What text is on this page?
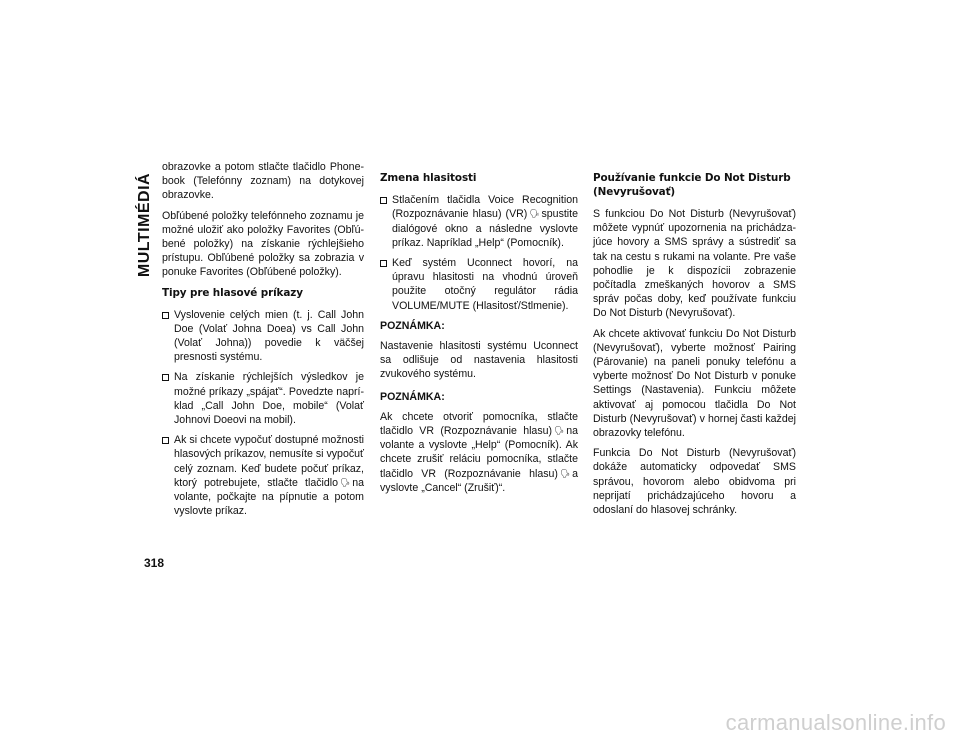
MULTIMÉDIÁ

obrazovke a potom stlačte tlačidlo Phonebook (Telefónny zoznam) na dotykovej obrazovke.

Obľúbené položky telefónneho zoznamu je možné uložiť ako položky Favorites (Obľúbené položky) na získanie rýchlejšieho prístupu. Obľúbené položky sa zobrazia v ponuke Favorites (Obľúbené položky).

Tipy pre hlasové príkazy
Vyslovenie celých mien (t. j. Call John Doe (Volať Johna Doea) vs Call John (Volať Johna)) povedie k väčšej presnosti systému.
Na získanie rýchlejších výsledkov je možné príkazy „spájať“. Povedzte napríklad „Call John Doe, mobile“ (Volať Johnovi Doeovi na mobil).
Ak si chcete vypočuť dostupné možnosti hlasových príkazov, nemusíte si vypočuť celý zoznam. Keď budete počuť príkaz, ktorý potrebujete, stlačte tlačidlo 🗣 na volante, počkajte na pípnutie a potom vyslovte príkaz.
Zmena hlasitosti
Stlačením tlačidla Voice Recognition (Rozpoznávanie hlasu) (VR) 🗣 spustite dialógové okno a následne vyslovte príkaz. Napríklad „Help“ (Pomocník).
Keď systém Uconnect hovorí, na úpravu hlasitosti na vhodnú úroveň použite otočný regulátor rádia VOLUME/MUTE (Hlasitosť/Stlmenie).

POZNÁMKA:

Nastavenie hlasitosti systému Uconnect sa odlišuje od nastavenia hlasitosti zvukového systému.

POZNÁMKA:

Ak chcete otvoriť pomocníka, stlačte tlačidlo VR (Rozpoznávanie hlasu) 🗣 na volante a vyslovte „Help“ (Pomocník). Ak chcete zrušiť reláciu pomocníka, stlačte tlačidlo VR (Rozpoznávanie hlasu) 🗣 a vyslovte „Cancel“ (Zrušiť)“.

Používanie funkcie Do Not Disturb (Nevyrušovať)

S funkciou Do Not Disturb (Nevyrušovať) môžete vypnúť upozornenia na prichádzajúce hovory a SMS správy a sústrediť sa tak na cestu s rukami na volante. Pre vaše pohodlie je k dispozícii zobrazenie počítadla zmeškaných hovorov a SMS správ počas doby, keď používate funkciu Do Not Disturb (Nevyrušovať).

Ak chcete aktivovať funkciu Do Not Disturb (Nevyrušovať), vyberte možnosť Pairing (Párovanie) na paneli ponuky telefónu a vyberte možnosť Do Not Disturb v ponuke Settings (Nastavenia). Funkciu môžete aktivovať aj pomocou tlačidla Do Not Disturb (Nevyrušovať) v hornej časti každej obrazovky telefónu.

Funkcia Do Not Disturb (Nevyrušovať) dokáže automaticky odpovedať SMS správou, hovorom alebo obidvoma pri neprijatí prichádzajúceho hovoru a odoslaní do hlasovej schránky.

318
carmanualsonline.info
